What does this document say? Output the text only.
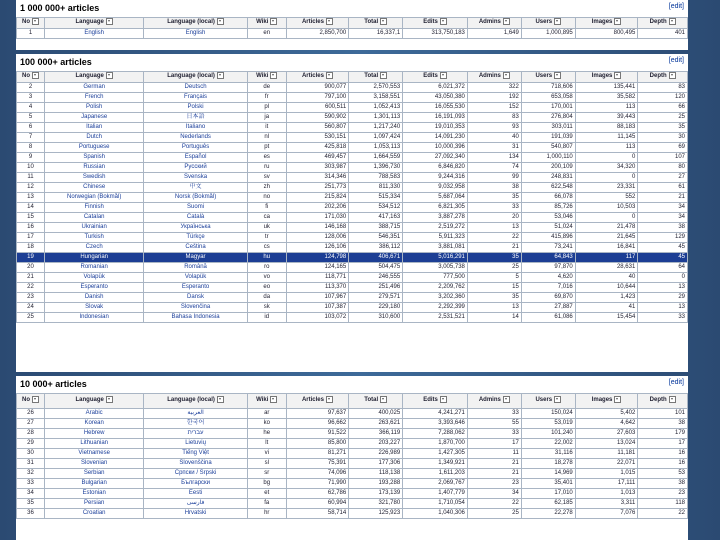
1 000 000+ articles	[edit]
No	Language	Language (local)	Wiki	Articles	Total	Edits	Admins	Users	Images	Depth
1	English	English	en	2,850,700	16,337,1	313,750,183	1,649	1,000,895	800,495	401
100 000+ articles	[edit]
No	Language	Language (local)	Wiki	Articles	Total	Edits	Admins	Users	Images	Depth
2	German	Deutsch	de	900,077	2,570,553	6,021,372	322	718,606	135,441	83
3	French	Français	fr	797,100	3,158,551	43,050,380	192	653,058	35,582	120
4	Polish	Polski	pl	600,511	1,052,413	16,055,530	152	170,001	113	66
5	Japanese	日本語	ja	590,902	1,301,113	16,191,093	83	276,804	39,443	25
6	Italian	Italiano	it	560,807	1,217,240	19,010,353	93	303,011	88,183	35
7	Dutch	Nederlands	nl	530,151	1,097,424	14,091,230	40	191,039	11,145	30
8	Portuguese	Português	pt	425,818	1,053,113	10,000,396	31	540,807	113	69
9	Spanish	Español	es	469,457	1,664,559	27,092,340	134	1,000,110	0	107
10	Russian	Русский	ru	303,987	1,396,730	6,846,820	74	200,109	34,320	80
11	Swedish	Svenska	sv	314,346	788,583	9,244,316	99	248,831	0	27
12	Chinese	中文	zh	251,773	811,330	9,032,958	38	622,548	23,331	61
13	Norwegian (Bokmål)	Norsk (Bokmål)	no	215,824	515,334	5,687,064	35	66,078	552	21
14	Finnish	Suomi	fi	202,206	534,512	6,821,305	33	85,726	10,503	34
15	Catalan	Català	ca	171,030	417,163	3,887,278	20	53,046	0	34
16	Ukrainian	Українська	uk	146,168	388,715	2,519,272	13	51,024	21,478	38
17	Turkish	Türkçe	tr	128,006	546,351	5,911,323	22	415,896	21,645	129
18	Czech	Čeština	cs	126,106	386,112	3,881,081	21	73,241	16,841	45
19	Hungarian	Magyar	hu	124,798	406,671	5,016,291	35	64,843	117	45
20	Romanian	Română	ro	124,165	504,475	3,005,738	25	97,870	28,631	64
21	Volapük	Volapük	vo	118,771	246,555	777,500	5	4,620	40	0
22	Esperanto	Esperanto	eo	113,370	251,496	2,209,762	15	7,016	10,644	13
23	Danish	Dansk	da	107,967	279,571	3,202,360	35	69,870	1,423	29
24	Slovak	Slovenčina	sk	107,387	229,180	2,292,399	13	27,887	41	13
25	Indonesian	Bahasa Indonesia	id	103,072	310,600	2,531,521	14	61,086	15,454	33
10 000+ articles	[edit]
No	Language	Language (local)	Wiki	Articles	Total	Edits	Admins	Users	Images	Depth
26	Arabic	العربية	ar	97,637	400,025	4,241,271	33	150,024	5,402	101
27	Korean	한국어	ko	96,662	263,621	3,393,646	55	53,019	4,642	38
28	Hebrew	עברית	he	91,522	366,119	7,288,062	33	101,240	27,603	179
29	Lithuanian	Lietuvių	lt	85,800	203,227	1,870,700	17	22,002	13,024	17
30	Vietnamese	Tiếng Việt	vi	81,271	226,989	1,427,305	11	31,116	11,181	16
31	Slovenian	Slovenščina	sl	75,391	177,306	1,349,921	21	18,278	22,071	16
32	Serbian	Српски / Srpski	sr	74,096	118,138	1,611,203	21	14,969	1,015	53
33	Bulgarian	Български	bg	71,990	193,288	2,069,767	23	35,401	17,111	38
34	Estonian	Eesti	et	62,786	173,139	1,407,779	34	17,010	1,013	23
35	Persian	فارسی	fa	60,994	321,780	1,710,054	22	62,185	3,311	118
36	Croatian	Hrvatski	hr	58,714	125,923	1,040,306	25	22,278	7,076	22
